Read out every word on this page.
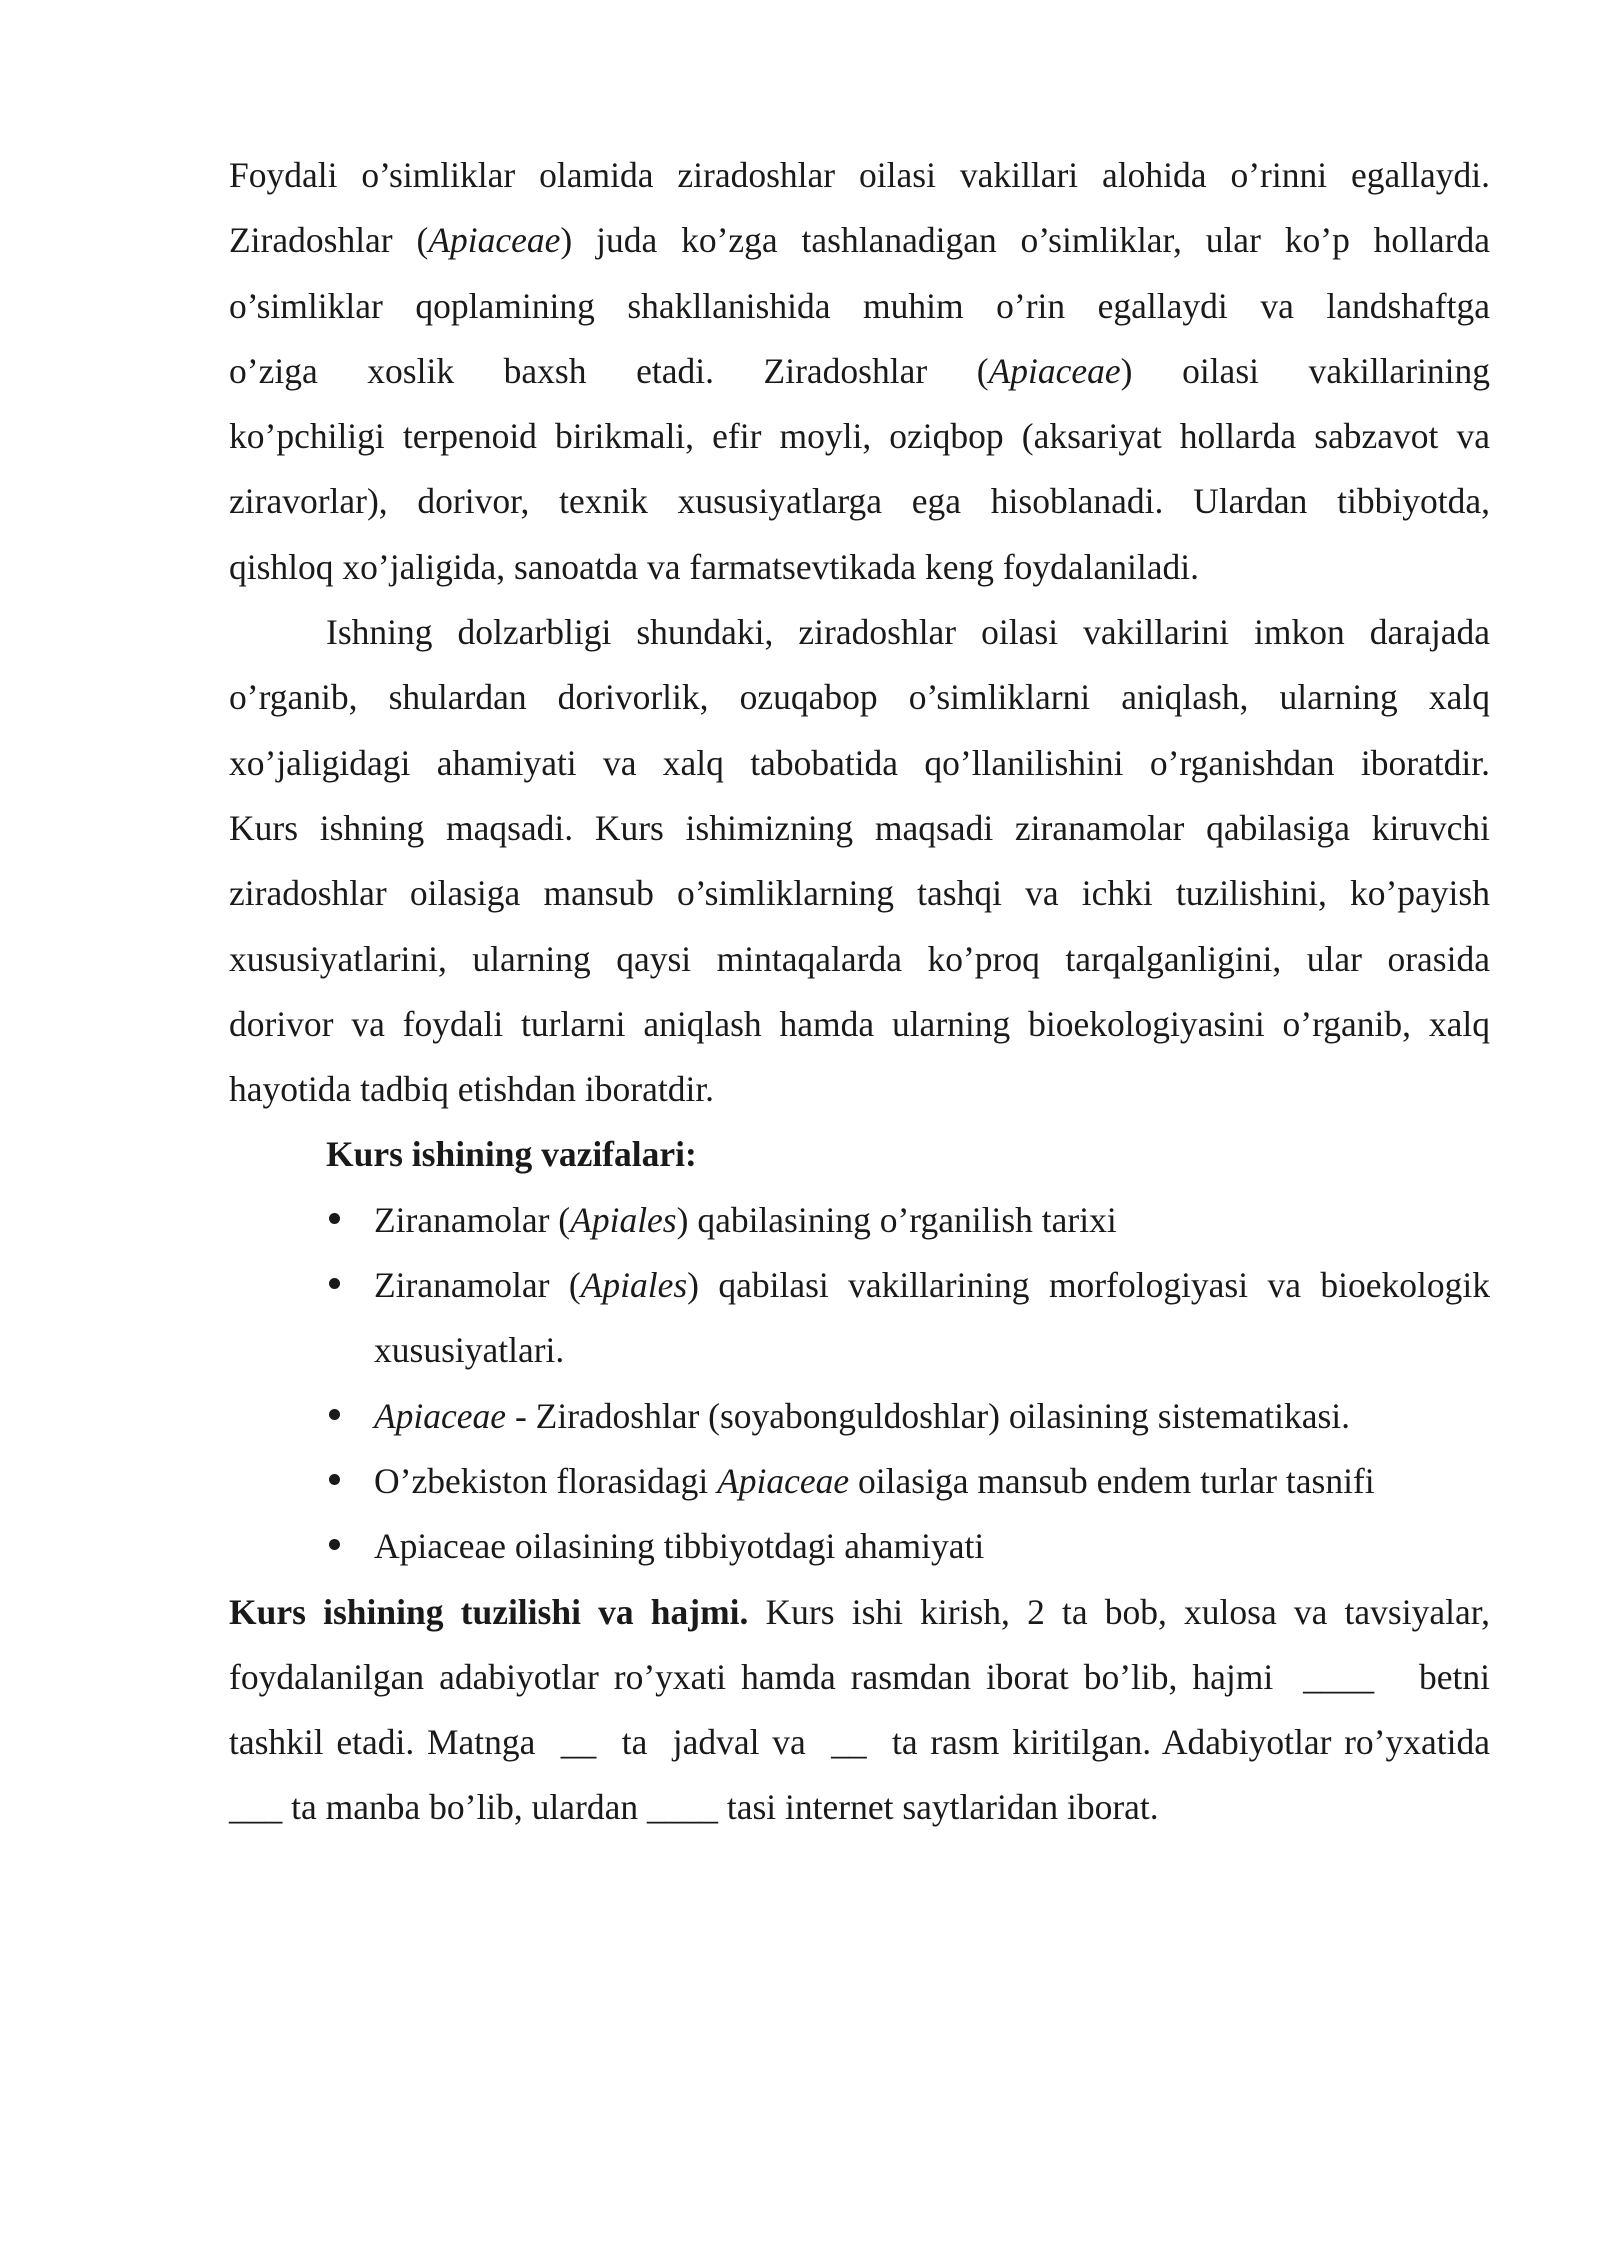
Foydali o’simliklar olamida ziradoshlar oilasi vakillari alohida o’rinni egallaydi.
Ziradoshlar (Apiaceae) juda ko’zga tashlanadigan o’simliklar, ular ko’p hollarda
o’simliklar qoplamining shakllanishida muhim o’rin egallaydi va landshaftga
o’ziga xoslik baxsh etadi. Ziradoshlar (Apiaceae) oilasi vakillarining
ko’pchiligi terpenoid birikmali, efir moyli, oziqbop (aksariyat hollarda sabzavot va
ziravorlar), dorivor, texnik xususiyatlarga ega hisoblanadi. Ulardan tibbiyotda,
qishloq xo’jaligida, sanoatda va farmatsevtikada keng foydalaniladi.

Ishning dolzarbligi shundaki, ziradoshlar oilasi vakillarini imkon darajada
o’rganib, shulardan dorivorlik, ozuqabop o’simliklarni aniqlash, ularning xalq
xo’jaligidagi ahamiyati va xalq tabobatida qo’llanilishini o’rganishdan iboratdir.
Kurs ishning maqsadi. Kurs ishimizning maqsadi ziranamolar qabilasiga kiruvchi
ziradoshlar oilasiga mansub o’simliklarning tashqi va ichki tuzilishini, ko’payish
xususiyatlarini, ularning qaysi mintaqalarda ko’proq tarqalganligini, ular orasida
dorivor va foydali turlarni aniqlash hamda ularning bioekologiyasini o’rganib, xalq
hayotida tadbiq etishdan iboratdir.

Kurs ishining vazifalari:

Ziranamolar (Apiales) qabilasining o’rganilish tarixi
Ziranamolar (Apiales) qabilasi vakillarining morfologiyasi va bioekologik
xususiyatlari.
Apiaceae - Ziradoshlar (soyabonguldoshlar) oilasining sistematikasi.
O’zbekiston florasidagi Apiaceae oilasiga mansub endem turlar tasnifi
Apiaceae oilasining tibbiyotdagi ahamiyati

Kurs ishining tuzilishi va hajmi. Kurs ishi kirish, 2 ta bob, xulosa va tavsiyalar,
foydalanilgan adabiyotlar ro’yxati hamda rasmdan iborat bo’lib, hajmi  ____   betni
tashkil etadi. Matnga  __  ta  jadval va  __  ta rasm kiritilgan. Adabiyotlar ro’yxatida
___ ta manba bo’lib, ulardan ____ tasi internet saytlaridan iborat.
